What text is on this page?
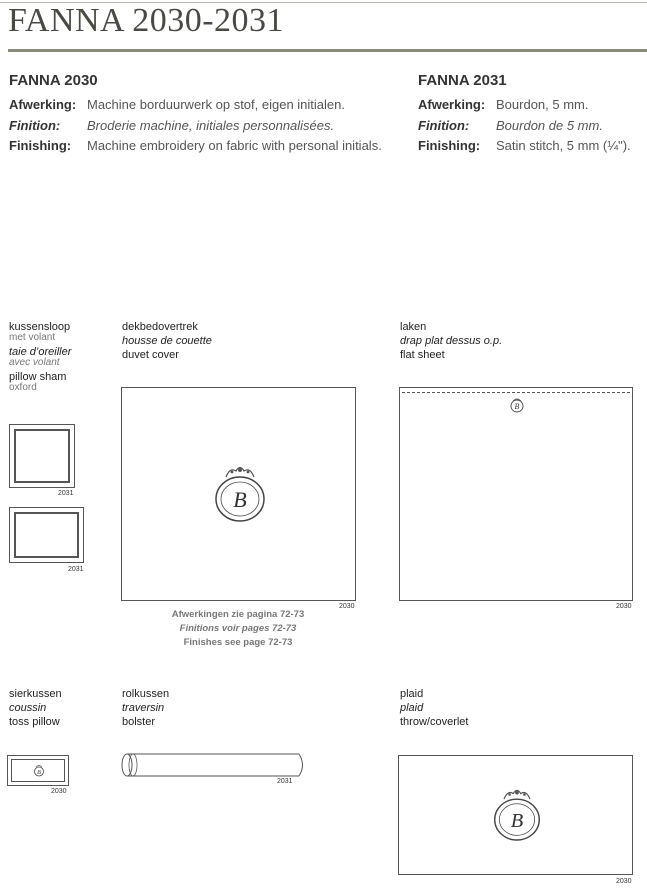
FANNA 2030-2031
FANNA 2030
Afwerking: Machine borduurwerk op stof, eigen initialen.
Finition: Broderie machine, initiales personnalisées.
Finishing: Machine embroidery on fabric with personal initials.
FANNA 2031
Afwerking: Bourdon, 5 mm.
Finition: Bourdon de 5 mm.
Finishing: Satin stitch, 5 mm (¼").
kussensloop
met volant
taie d’oreiller
avec volant
pillow sham
oxford
2031
2031
dekbedovertrek
housse de couette
duvet cover
B
2030
Afwerkingen zie pagina 72-73
Finitions voir pages 72-73
Finishes see page 72-73
laken
drap plat dessus o.p.
flat sheet
B
2030
sierkussen
coussin
toss pillow
B
2030
rolkussen
traversin
bolster
2031
plaid
plaid
throw/coverlet
B
2030
